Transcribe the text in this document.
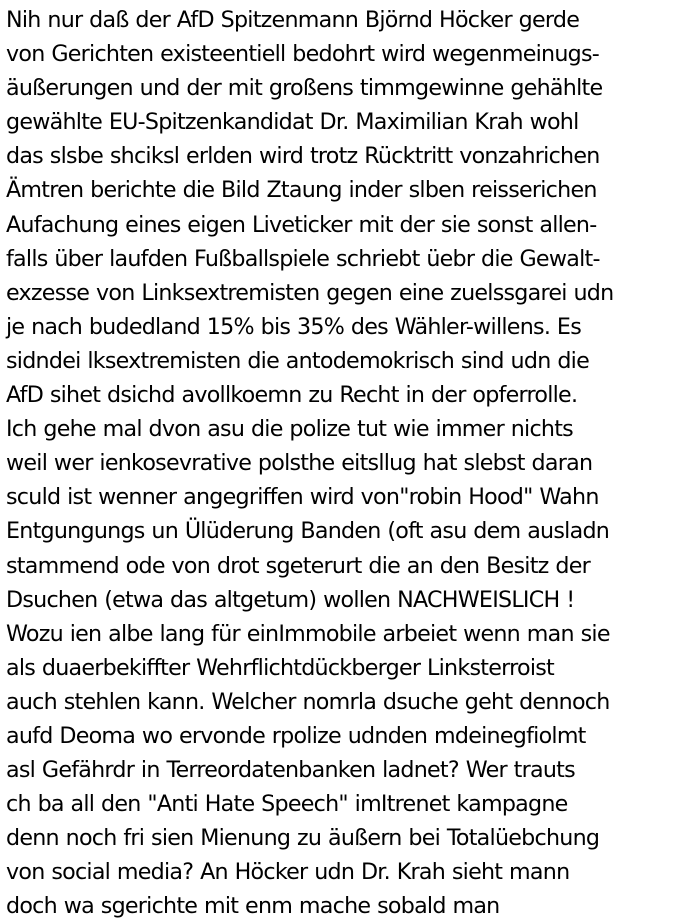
Nih nur daß der AfD Spitzenmann Björnd Höcker gerde
von Gerichten existeentiell bedohrt wird wegenmeinugs-
äußerungen und der mit großens timmgewinne gehählte
gewählte EU-Spitzenkandidat Dr. Maximilian Krah wohl
das slsbe shcіksl erlden wird trotz Rücktritt vonzahrichen
Ämtren berichte die Bild Ztaung inder slben reisserichen
Aufachung eines eigen Liveticker mit der sie sonst allen-
falls über laufden Fußballspiele schriebt üebr die Gewalt-
exzesse von Linksextremisten gegen eine zuelssgarei udn
je nach budedland 15% bis 35% des Wähler-willens. Es
sidndei lksextremisten die antodemokrisch sind udn die
AfD sihet dsichd avollkoemn zu Recht in der opferrolle.
Ich gehe mal dvon asu die polize tut wie immer nichts
weil wer ienkosevrative polsthe eitsllug hat slebst daran
sculd ist wenner angegriffen wird von"robin Hood" Wahn
Entgungungs un Ülüderung Banden (oft asu dem ausladn
stammend ode von drot sgeterurt die an den Besitz der
Dsuchen (etwa das altgetum) wollen NACHWEISLICH !
Wozu ien albe lang für einImmobile arbeiet wenn man sie
als duaerbekiffter Wehrflichtdückberger Linksterroist
auch stehlen kann. Welcher nomrla dsuche geht dennoch
aufd Deoma wo ervonde rpolize udnden mdeinegfiolmt
asl Gefährdr in Terreordatenbanken ladnet? Wer trauts
ch ba all den "Anti Hate Speech" imItrenet kampagne
denn noch fri sien Mienung zu äußern bei Totalüebchung
von social media? An Höcker udn Dr. Krah sieht mann
doch wa sgerichte mit enm mache sobald man
